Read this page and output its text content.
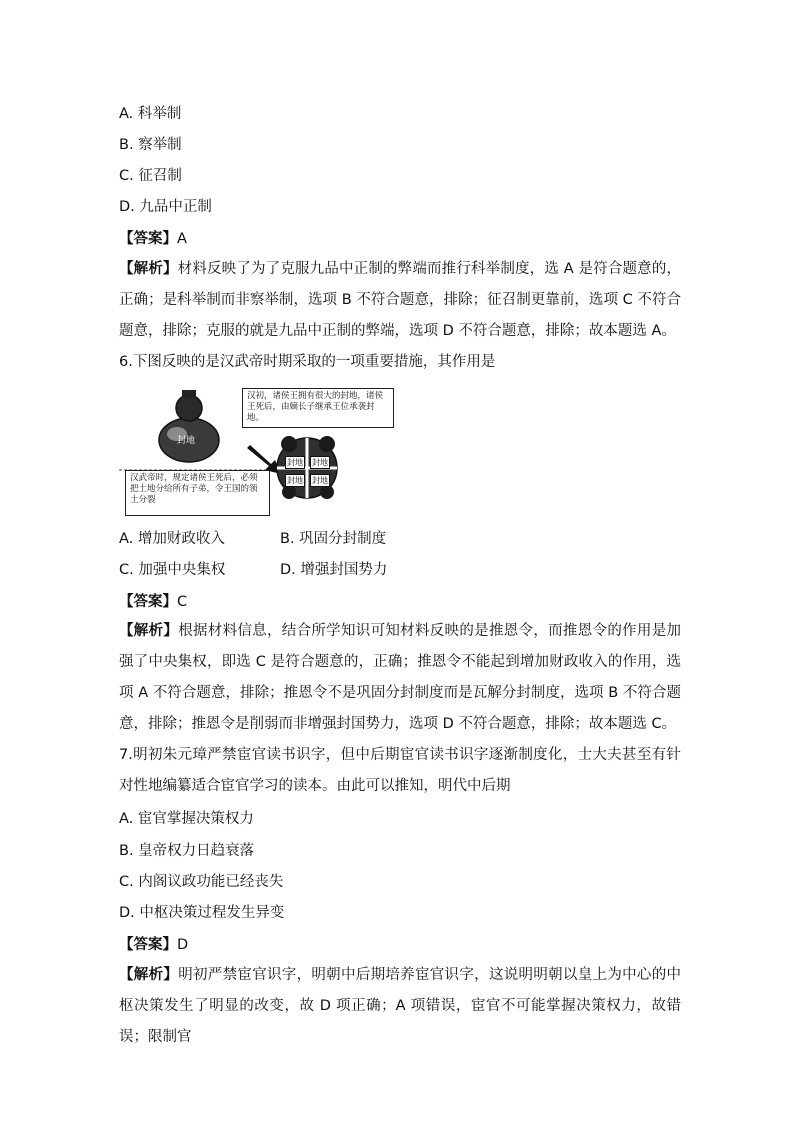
A. 科举制
B. 察举制
C. 征召制
D. 九品中正制
【答案】A
【解析】材料反映了为了克服九品中正制的弊端而推行科举制度，选 A 是符合题意的，正确；是科举制而非察举制，选项 B 不符合题意，排除；征召制更靠前，选项 C 不符合题意，排除；克服的就是九品中正制的弊端，选项 D 不符合题意，排除；故本题选 A。
6.下图反映的是汉武帝时期采取的一项重要措施，其作用是
汉初，诸侯王拥有很大的封地，诸侯王死后，由嫡长子继承王位承袭封地。
汉武帝时，规定诸侯王死后，必须把土地分给所有子弟，令王国的领土分裂
封地
封地 封地
封地 封地
A. 增加财政收入	B. 巩固分封制度
C. 加强中央集权	D. 增强封国势力
【答案】C
【解析】根据材料信息，结合所学知识可知材料反映的是推恩令，而推恩令的作用是加强了中央集权，即选 C 是符合题意的，正确；推恩令不能起到增加财政收入的作用，选项 A 不符合题意，排除；推恩令不是巩固分封制度而是瓦解分封制度，选项 B 不符合题意，排除；推恩令是削弱而非增强封国势力，选项 D 不符合题意，排除；故本题选 C。
7.明初朱元璋严禁宦官读书识字，但中后期宦官读书识字逐渐制度化，士大夫甚至有针对性地编纂适合宦官学习的读本。由此可以推知，明代中后期
A. 宦官掌握决策权力
B. 皇帝权力日趋衰落
C. 内阁议政功能已经丧失
D. 中枢决策过程发生异变
【答案】D
【解析】明初严禁宦官识字，明朝中后期培养宦官识字，这说明明朝以皇上为中心的中枢决策发生了明显的改变，故 D 项正确；A 项错误，宦官不可能掌握决策权力，故错误；限制官
